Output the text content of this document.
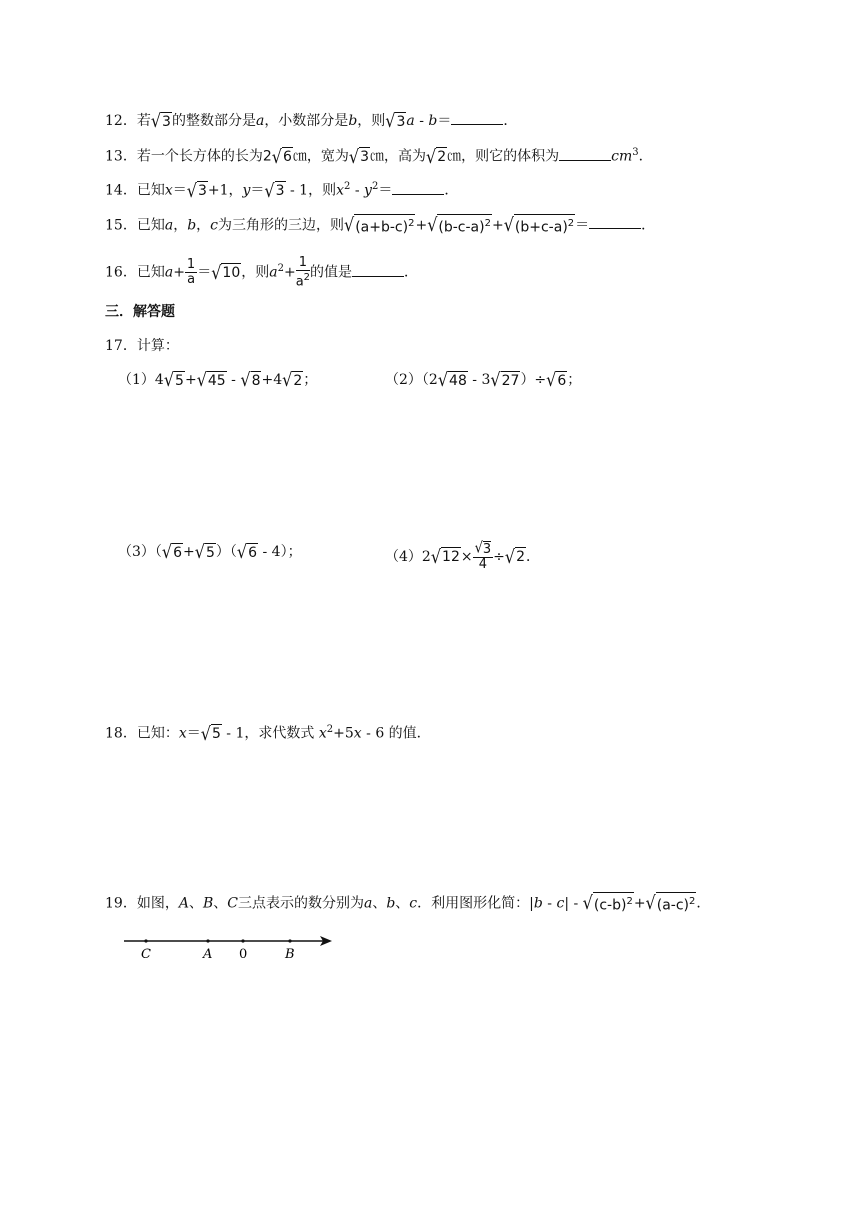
12．若√3的整数部分是a，小数部分是b，则√3a - b＝	．
13．若一个长方体的长为2√6㎝，宽为√3㎝，高为√2㎝，则它的体积为	$cm^3$．
14．已知x＝√3+1，y＝√3 - 1，则$x^2 - y^2=$	．
15．已知a，b，c为三角形的三边，则$√(a+b-c)^2+√(b-c-a)^2+√(b+c-a)^2=$	．
16．已知$a+ \frac{1}{a} =√10$，则$a^2+ \frac{1}{a^2}$ 的值是	．
三．解答题
17．计算：
（1）4√5+√45 - √8+4√2；	（2）（2√48 - 3√27）÷√6；
（3）（√6+√5）（√6 - 4）；	$(4)2√12\times \frac{√3}{4} \div√2$．
18．已知：x＝√5 - 1，求代数式 $x^2+5x - 6$ 的值．
19．如图，A、B、C三点表示的数分别为a、b、c．利用图形化简：$|b - c| - √(c-b)^2+√(a-c)^2$．
C	A 0	B
